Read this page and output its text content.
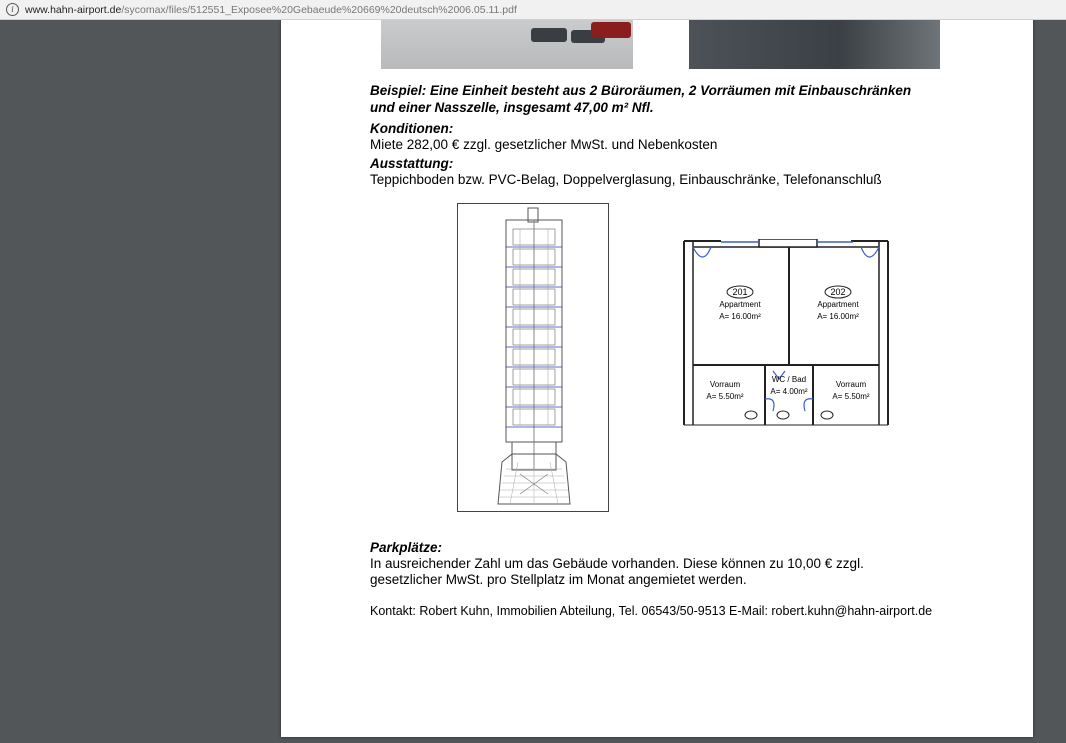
i	www.hahn-airport.de /sycomax/files/512551_Exposee%20Gebaeude%20669%20deutsch%2006.05.11.pdf
Beispiel: Eine Einheit besteht aus 2 Büroräumen, 2 Vorräumen mit Einbauschränken
und einer Nasszelle, insgesamt 47,00 m² Nfl.
Konditionen:
Miete 282,00 € zzgl. gesetzlicher MwSt. und Nebenkosten
Ausstattung:
Teppichboden bzw. PVC-Belag, Doppelverglasung, Einbauschränke, Telefonanschluß
201
Appartment
A= 16.00m²
202
Appartment
A= 16.00m²
Vorraum
A= 5.50m²
WC / Bad
A= 4.00m²
Vorraum
A= 5.50m²
Parkplätze:
In ausreichender Zahl um das Gebäude vorhanden. Diese können zu 10,00 € zzgl.
gesetzlicher MwSt. pro Stellplatz im Monat angemietet werden.
Kontakt: Robert Kuhn, Immobilien Abteilung, Tel. 06543/50-9513 E-Mail: robert.kuhn@hahn-airport.de
